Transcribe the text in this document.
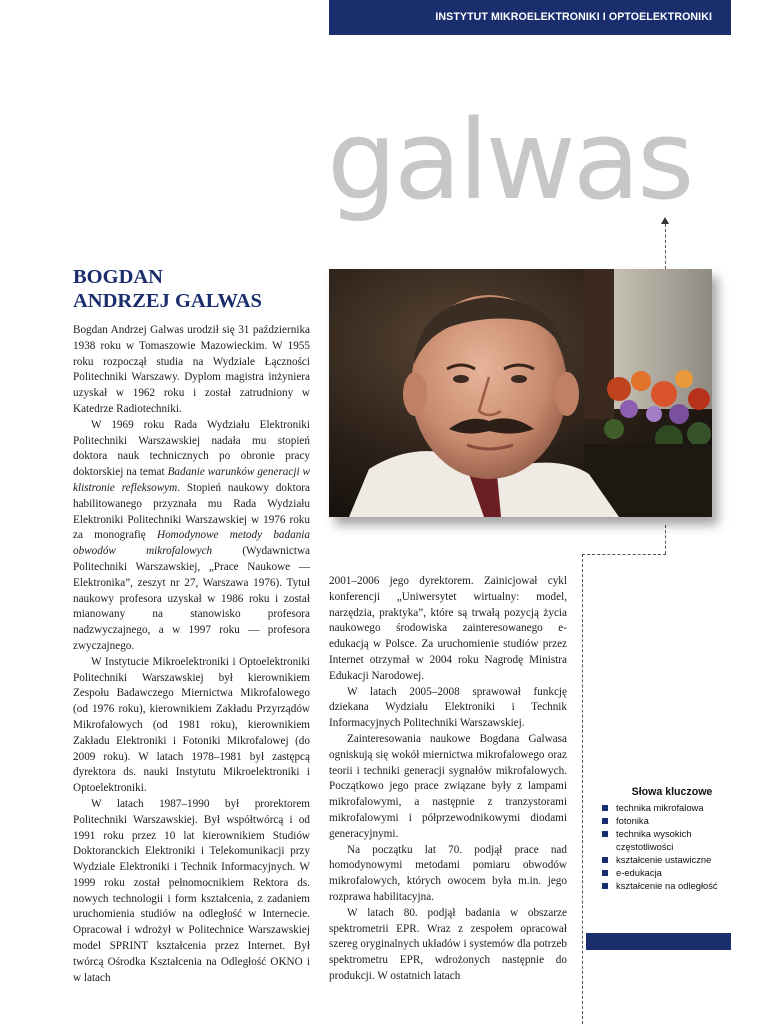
INSTYTUT MIKROELEKTRONIKI I OPTOELEKTRONIKI
galwas
BOGDAN
ANDRZEJ GALWAS

Bogdan Andrzej Galwas urodził się 31 października 1938 roku w Tomaszowie Mazowieckim. W 1955 roku rozpoczął studia na Wydziale Łączności Politechniki Warszawy. Dyplom magistra inżyniera uzyskał w 1962 roku i został zatrudniony w Katedrze Radiotechniki.

W 1969 roku Rada Wydziału Elektroniki Politechniki Warszawskiej nadała mu stopień doktora nauk technicznych po obronie pracy doktorskiej na temat Badanie warunków generacji w klistronie refleksowym. Stopień naukowy doktora habilitowanego przyznała mu Rada Wydziału Elektroniki Politechniki Warszawskiej w 1976 roku za monografię Homodynowe metody badania obwodów mikrofalowych (Wydawnictwa Politechniki Warszawskiej, „Prace Naukowe — Elektronika”, zeszyt nr 27, Warszawa 1976). Tytuł naukowy profesora uzyskał w 1986 roku i został mianowany na stanowisko profesora nadzwyczajnego, a w 1997 roku — profesora zwyczajnego.

W Instytucie Mikroelektroniki i Optoelektroniki Politechniki Warszawskiej był kierownikiem Zespołu Badawczego Miernictwa Mikrofalowego (od 1976 roku), kierownikiem Zakładu Przyrządów Mikrofalowych (od 1981 roku), kierownikiem Zakładu Elektroniki i Fotoniki Mikrofalowej (do 2009 roku). W latach 1978–1981 był zastępcą dyrektora ds. nauki Instytutu Mikroelektroniki i Optoelektroniki.

W latach 1987–1990 był prorektorem Politechniki Warszawskiej. Był współtwórcą i od 1991 roku przez 10 lat kierownikiem Studiów Doktoranckich Elektroniki i Telekomunikacji przy Wydziale Elektroniki i Technik Informacyjnych. W 1999 roku został pełnomocnikiem Rektora ds. nowych technologii i form kształcenia, z zadaniem uruchomienia studiów na odległość w Internecie. Opracował i wdrożył w Politechnice Warszawskiej model SPRINT kształcenia przez Internet. Był twórcą Ośrodka Kształcenia na Odległość OKNO i w latach

2001–2006 jego dyrektorem. Zainicjował cykl konferencji „Uniwersytet wirtualny: model, narzędzia, praktyka”, które są trwałą pozycją życia naukowego środowiska zainteresowanego e-edukacją w Polsce. Za uruchomienie studiów przez Internet otrzymał w 2004 roku Nagrodę Ministra Edukacji Narodowej.

W latach 2005–2008 sprawował funkcję dziekana Wydziału Elektroniki i Technik Informacyjnych Politechniki Warszawskiej.

Zainteresowania naukowe Bogdana Galwasa ogniskują się wokół miernictwa mikrofalowego oraz teorii i techniki generacji sygnałów mikrofalowych. Początkowo jego prace związane były z lampami mikrofalowymi, a następnie z tranzystorami mikrofalowymi i półprzewodnikowymi diodami generacyjnymi.

Na początku lat 70. podjął prace nad homodynowymi metodami pomiaru obwodów mikrofalowych, których owocem była m.in. jego rozprawa habilitacyjna.

W latach 80. podjął badania w obszarze spektrometrii EPR. Wraz z zespołem opracował szereg oryginalnych układów i systemów dla potrzeb spektrometru EPR, wdrożonych następnie do produkcji. W ostatnich latach

Słowa kluczowe
technika mikrofalowa
fotonika
technika wysokich częstotliwości
kształcenie ustawiczne
e-edukacja
kształcenie na odległość
